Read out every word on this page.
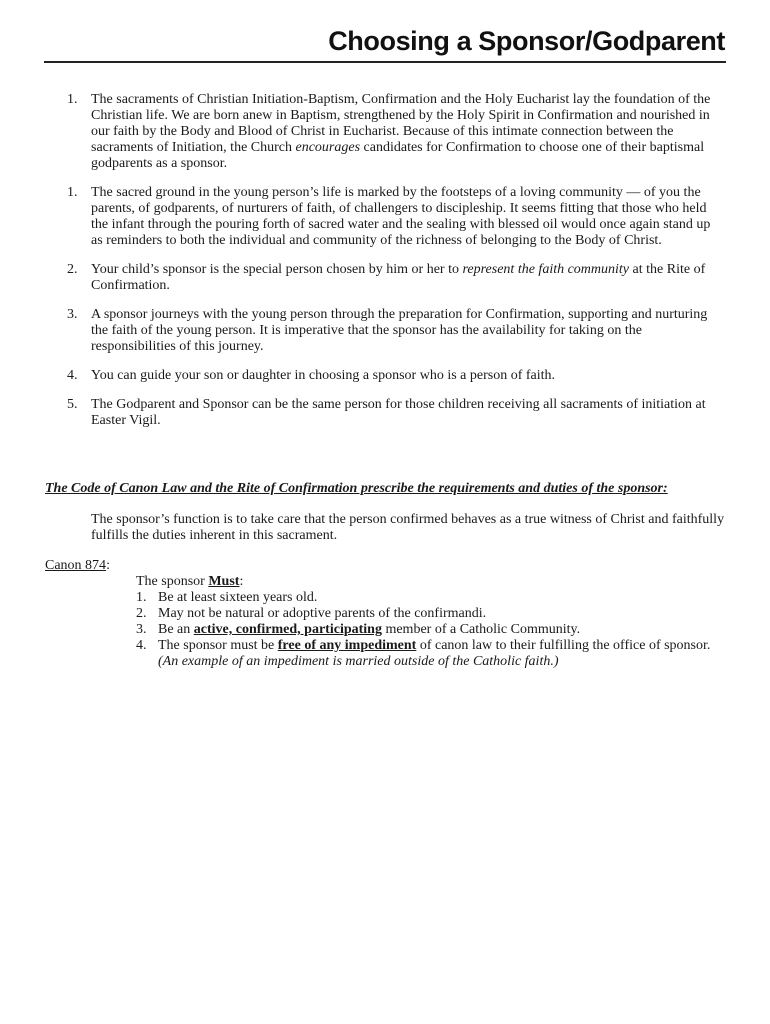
Choosing a Sponsor/Godparent
1. The sacraments of Christian Initiation-Baptism, Confirmation and the Holy Eucharist lay the foundation of the Christian life. We are born anew in Baptism, strengthened by the Holy Spirit in Confirmation and nourished in our faith by the Body and Blood of Christ in Eucharist. Because of this intimate connection between the sacraments of Initiation, the Church encourages candidates for Confirmation to choose one of their baptismal godparents as a sponsor.
1. The sacred ground in the young person’s life is marked by the footsteps of a loving community — of you the parents, of godparents, of nurturers of faith, of challengers to discipleship. It seems fitting that those who held the infant through the pouring forth of sacred water and the sealing with blessed oil would once again stand up as reminders to both the individual and community of the richness of belonging to the Body of Christ.
2. Your child’s sponsor is the special person chosen by him or her to represent the faith community at the Rite of Confirmation.
3. A sponsor journeys with the young person through the preparation for Confirmation, supporting and nurturing the faith of the young person. It is imperative that the sponsor has the availability for taking on the responsibilities of this journey.
4. You can guide your son or daughter in choosing a sponsor who is a person of faith.
5. The Godparent and Sponsor can be the same person for those children receiving all sacraments of initiation at Easter Vigil.

The Code of Canon Law and the Rite of Confirmation prescribe the requirements and duties of the sponsor:

The sponsor’s function is to take care that the person confirmed behaves as a true witness of Christ and faithfully fulfills the duties inherent in this sacrament.

Canon 874:
The sponsor Must:
1. Be at least sixteen years old.
2. May not be natural or adoptive parents of the confirmandi.
3. Be an active, confirmed, participating member of a Catholic Community.
4. The sponsor must be free of any impediment of canon law to their fulfilling the office of sponsor. (An example of an impediment is married outside of the Catholic faith.)
